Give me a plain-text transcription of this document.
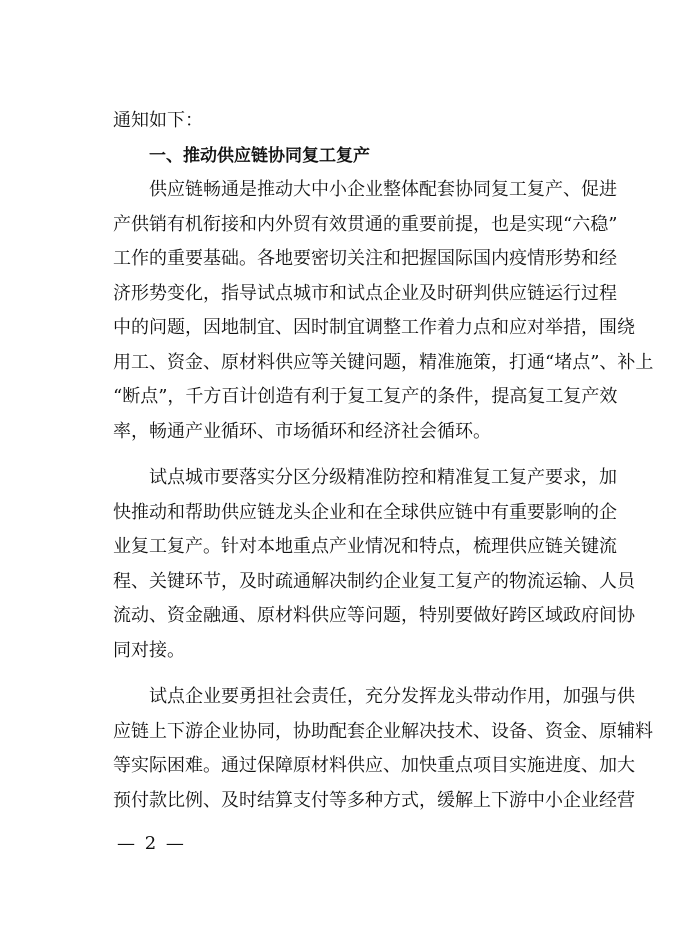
通知如下：
一、推动供应链协同复工复产
供应链畅通是推动大中小企业整体配套协同复工复产、促进
产供销有机衔接和内外贸有效贯通的重要前提，也是实现“六稳”
工作的重要基础。各地要密切关注和把握国际国内疫情形势和经
济形势变化，指导试点城市和试点企业及时研判供应链运行过程
中的问题，因地制宜、因时制宜调整工作着力点和应对举措，围绕
用工、资金、原材料供应等关键问题，精准施策，打通“堵点”、补上
“断点”，千方百计创造有利于复工复产的条件，提高复工复产效
率，畅通产业循环、市场循环和经济社会循环。
试点城市要落实分区分级精准防控和精准复工复产要求，加
快推动和帮助供应链龙头企业和在全球供应链中有重要影响的企
业复工复产。针对本地重点产业情况和特点，梳理供应链关键流
程、关键环节，及时疏通解决制约企业复工复产的物流运输、人员
流动、资金融通、原材料供应等问题，特别要做好跨区域政府间协
同对接。
试点企业要勇担社会责任，充分发挥龙头带动作用，加强与供
应链上下游企业协同，协助配套企业解决技术、设备、资金、原辅料
等实际困难。通过保障原材料供应、加快重点项目实施进度、加大
预付款比例、及时结算支付等多种方式，缓解上下游中小企业经营
— 2 —
